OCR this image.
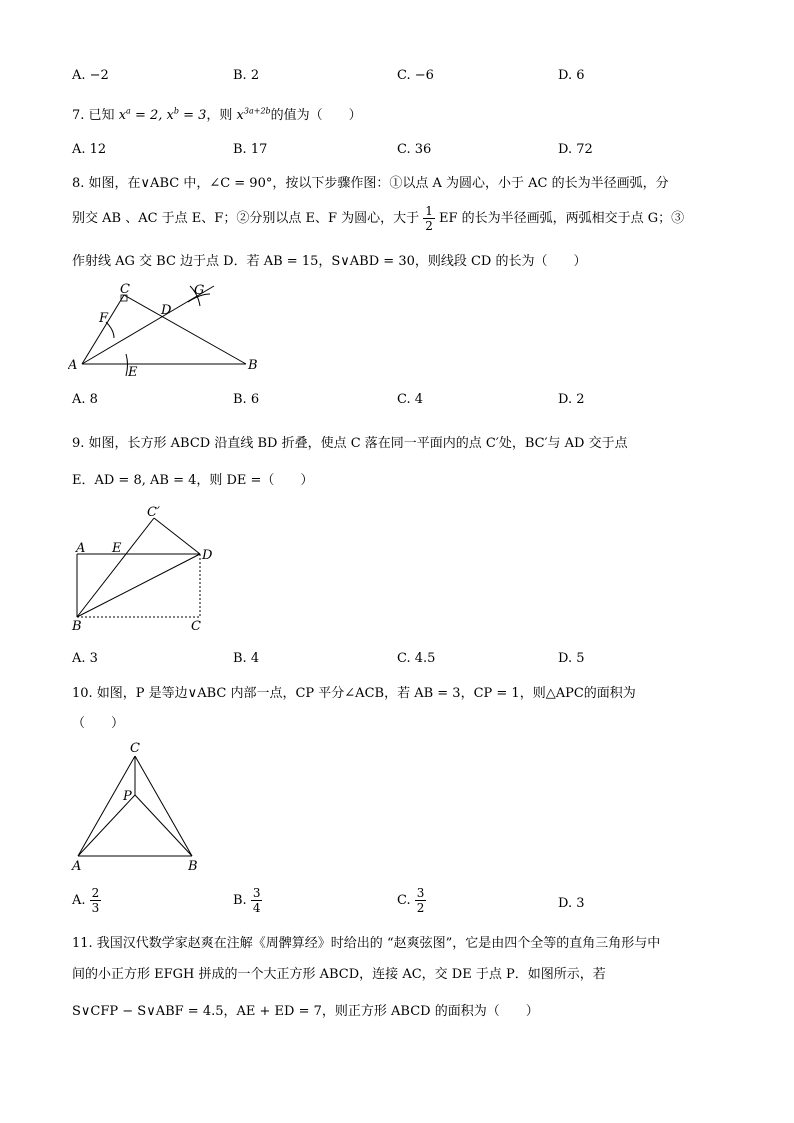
A. −2	B. 2	C. −6	D. 6
7. 已知 $x^a = 2$, $x^b = 3$，则 $x^{3a+2b}$的值为（　　）
A. 12	B. 17	C. 36	D. 72
8. 如图，在∨ABC 中，∠C = 90°，按以下步骤作图：①以点 A 为圆心，小于 AC 的长为半径画弧，分
别交 AB 、AC 于点 E、F；②分别以点 E、F 为圆心，大于 $\frac{1}{2}$ EF 的长为半径画弧，两弧相交于点 G；③
作射线 AG 交 BC 边于点 D．若 AB = 15，S∨ABD = 30，则线段 CD 的长为（　　）
A	B
C
D
E
F
G
A. 8	B. 6	C. 4	D. 2
9. 如图，长方形 ABCD 沿直线 BD 折叠，使点 C 落在同一平面内的点 C′处，BC′与 AD 交于点
E．AD = 8, AB = 4，则 DE =（　　）
A
B	C
D
E
C′
A. 3	B. 4	C. 4.5	D. 5
10. 如图，P 是等边∨ABC 内部一点，CP 平分∠ACB，若 AB = 3，CP = 1，则△APC的面积为
（　　）
A	B
C
P
A. $\frac{2}{3}$	B. $\frac{3}{4}$	C. $\frac{3}{2}$	D. 3
11. 我国汉代数学家赵爽在注解《周髀算经》时给出的 “赵爽弦图”，它是由四个全等的直角三角形与中
间的小正方形 EFGH 拼成的一个大正方形 ABCD，连接 AC，交 DE 于点 P．如图所示，若
S∨CFP − S∨ABF = 4.5，AE + ED = 7，则正方形 ABCD 的面积为（　　）
